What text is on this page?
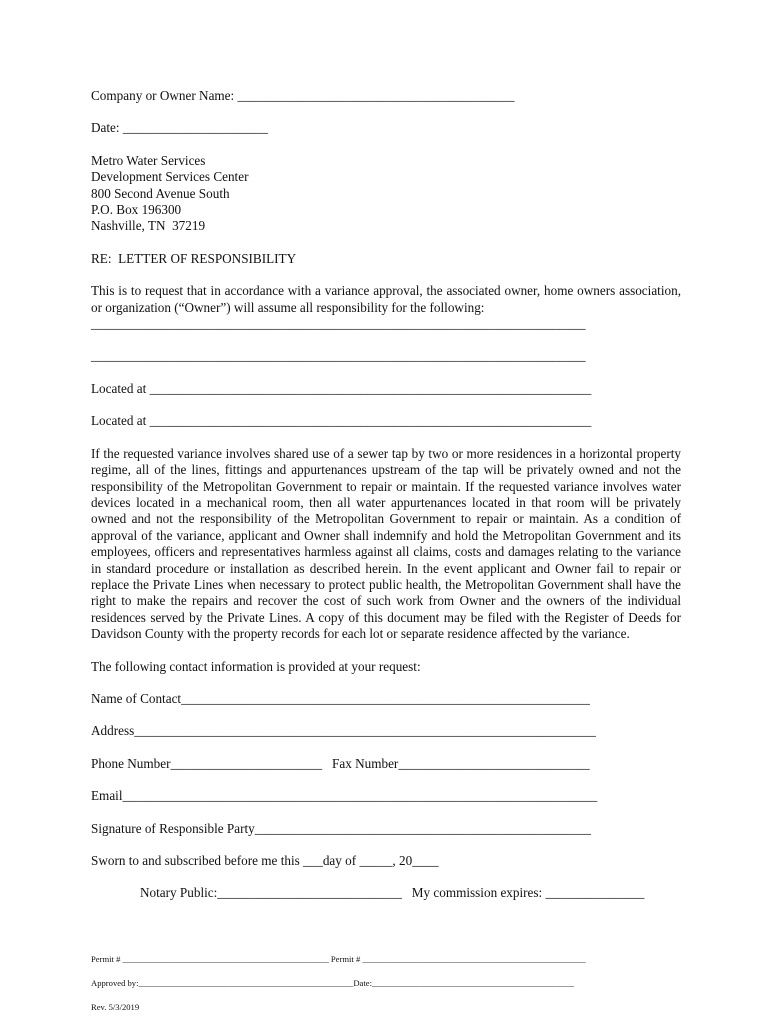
Company or Owner Name: __________________________________________

Date: ______________________

Metro Water Services

Development Services Center

800 Second Avenue South

P.O. Box 196300

Nashville, TN  37219

RE:  LETTER OF RESPONSIBILITY

This is to request that in accordance with a variance approval, the associated owner, home owners association, or organization (“Owner”) will assume all responsibility for the following:

___________________________________________________________________________

___________________________________________________________________________

Located at ___________________________________________________________________

Located at ___________________________________________________________________

If the requested variance involves shared use of a sewer tap by two or more residences in a horizontal property regime, all of the lines, fittings and appurtenances upstream of the tap will be privately owned and not the responsibility of the Metropolitan Government to repair or maintain. If the requested variance involves water devices located in a mechanical room, then all water appurtenances located in that room will be privately owned and not the responsibility of the Metropolitan Government to repair or maintain. As a condition of approval of the variance, applicant and Owner shall indemnify and hold the Metropolitan Government and its employees, officers and representatives harmless against all claims, costs and damages relating to the variance in standard procedure or installation as described herein. In the event applicant and Owner fail to repair or replace the Private Lines when necessary to protect public health, the Metropolitan Government shall have the right to make the repairs and recover the cost of such work from Owner and the owners of the individual residences served by the Private Lines. A copy of this document may be filed with the Register of Deeds for Davidson County with the property records for each lot or separate residence affected by the variance.

The following contact information is provided at your request:

Name of Contact______________________________________________________________

Address______________________________________________________________________

Phone Number_______________________   Fax Number_____________________________

Email________________________________________________________________________

Signature of Responsible Party___________________________________________________

Sworn to and subscribed before me this ___day of _____, 20____

Notary Public:____________________________   My commission expires: _______________

Permit # ________________________________________________ Permit # ____________________________________________________
Approved by:__________________________________________________Date:_______________________________________________
Rev. 5/3/2019
